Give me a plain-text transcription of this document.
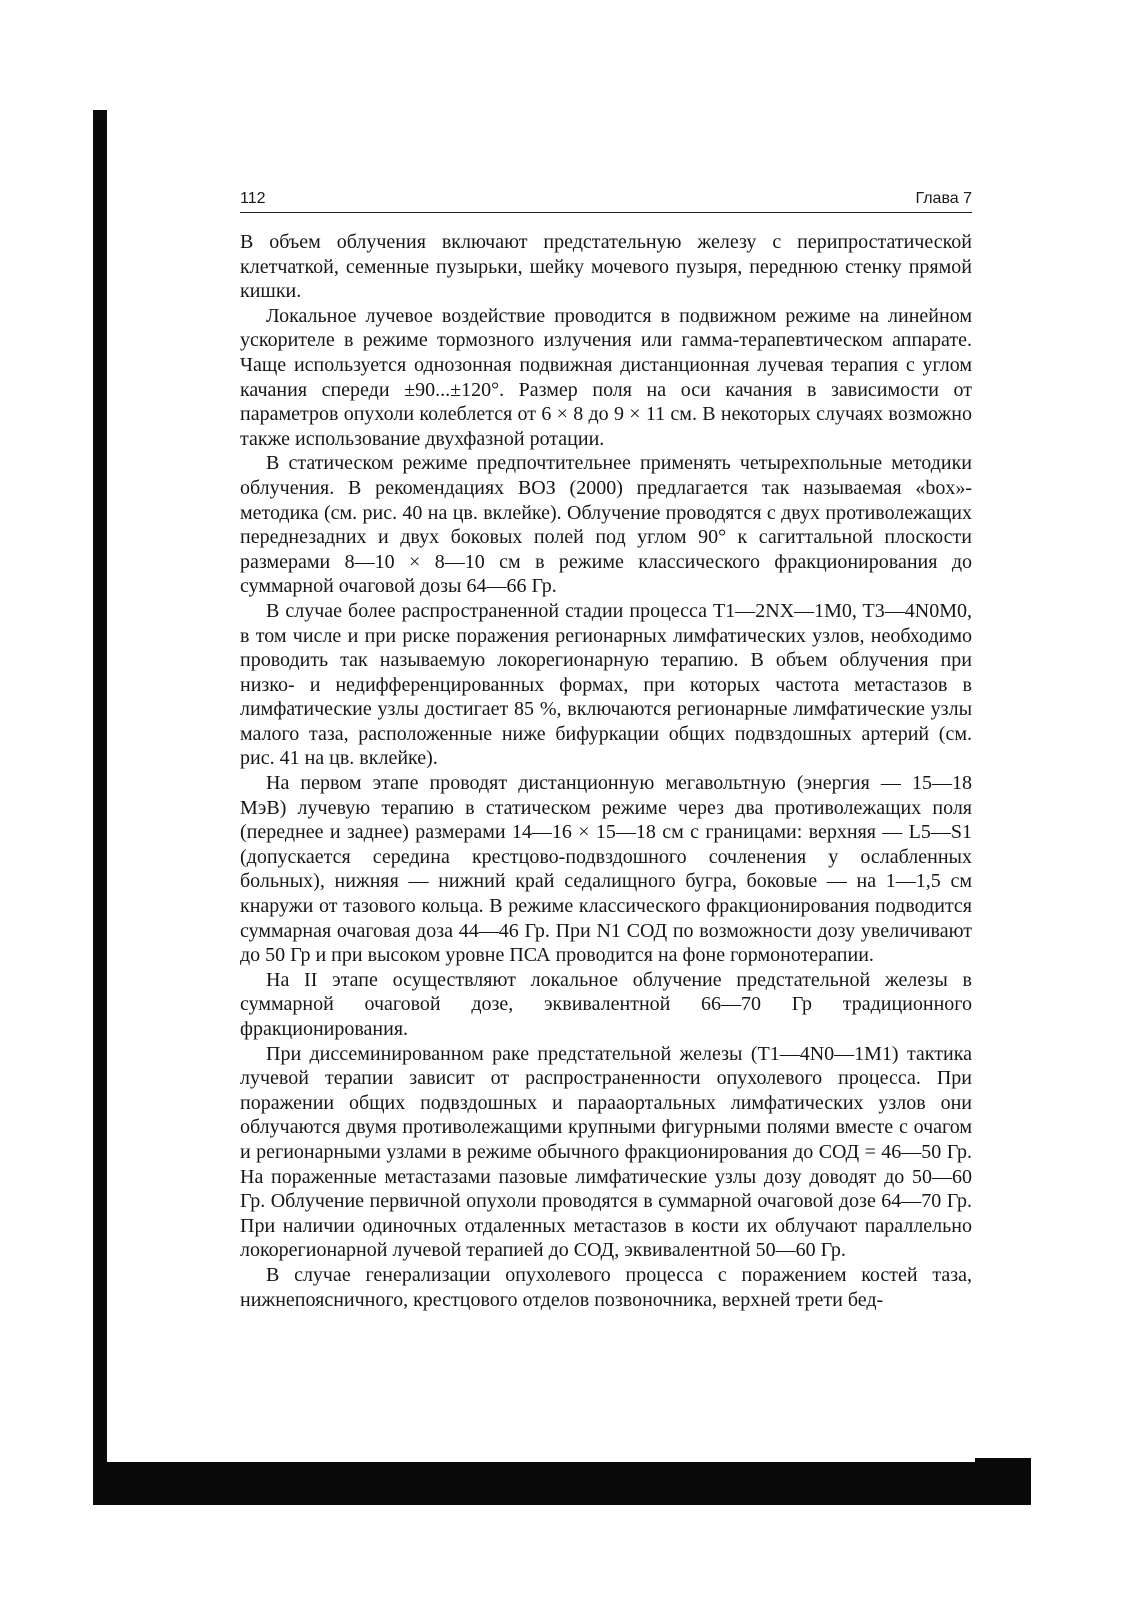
112	Глава 7

В объем облучения включают предстательную железу с перипростатической клетчаткой, семенные пузырьки, шейку мочевого пузыря, переднюю стенку прямой кишки.

Локальное лучевое воздействие проводится в подвижном режиме на линейном ускорителе в режиме тормозного излучения или гамма-терапевтическом аппарате. Чаще используется однозонная подвижная дистанционная лучевая терапия с углом качания спереди ±90...±120°. Размер поля на оси качания в зависимости от параметров опухоли колеблется от 6 × 8 до 9 × 11 см. В некоторых случаях возможно также использование двухфазной ротации.

В статическом режиме предпочтительнее применять четырехпольные методики облучения. В рекомендациях ВОЗ (2000) предлагается так называемая «box»-методика (см. рис. 40 на цв. вклейке). Облучение проводятся с двух противолежащих переднезадних и двух боковых полей под углом 90° к сагиттальной плоскости размерами 8—10 × 8—10 см в режиме классического фракционирования до суммарной очаговой дозы 64—66 Гр.

В случае более распространенной стадии процесса T1—2NX—1M0, T3—4N0M0, в том числе и при риске поражения регионарных лимфатических узлов, необходимо проводить так называемую локорегионарную терапию. В объем облучения при низко- и недифференцированных формах, при которых частота метастазов в лимфатические узлы достигает 85 %, включаются регионарные лимфатические узлы малого таза, расположенные ниже бифуркации общих подвздошных артерий (см. рис. 41 на цв. вклейке).

На первом этапе проводят дистанционную мегавольтную (энергия — 15—18 МэВ) лучевую терапию в статическом режиме через два противолежащих поля (переднее и заднее) размерами 14—16 × 15—18 см с границами: верхняя — L5—S1 (допускается середина крестцово-подвздошного сочленения у ослабленных больных), нижняя — нижний край седалищного бугра, боковые — на 1—1,5 см кнаружи от тазового кольца. В режиме классического фракционирования подводится суммарная очаговая доза 44—46 Гр. При N1 СОД по возможности дозу увеличивают до 50 Гр и при высоком уровне ПСА проводится на фоне гормонотерапии.

На II этапе осуществляют локальное облучение предстательной железы в суммарной очаговой дозе, эквивалентной 66—70 Гр традиционного фракционирования.

При диссеминированном раке предстательной железы (T1—4N0—1M1) тактика лучевой терапии зависит от распространенности опухолевого процесса. При поражении общих подвздошных и парааортальных лимфатических узлов они облучаются двумя противолежащими крупными фигурными полями вместе с очагом и регионарными узлами в режиме обычного фракционирования до СОД = 46—50 Гр. На пораженные метастазами пазовые лимфатические узлы дозу доводят до 50—60 Гр. Облучение первичной опухоли проводятся в суммарной очаговой дозе 64—70 Гр. При наличии одиночных отдаленных метастазов в кости их облучают параллельно локорегионарной лучевой терапией до СОД, эквивалентной 50—60 Гр.

В случае генерализации опухолевого процесса с поражением костей таза, нижнепоясничного, крестцового отделов позвоночника, верхней трети бед-
